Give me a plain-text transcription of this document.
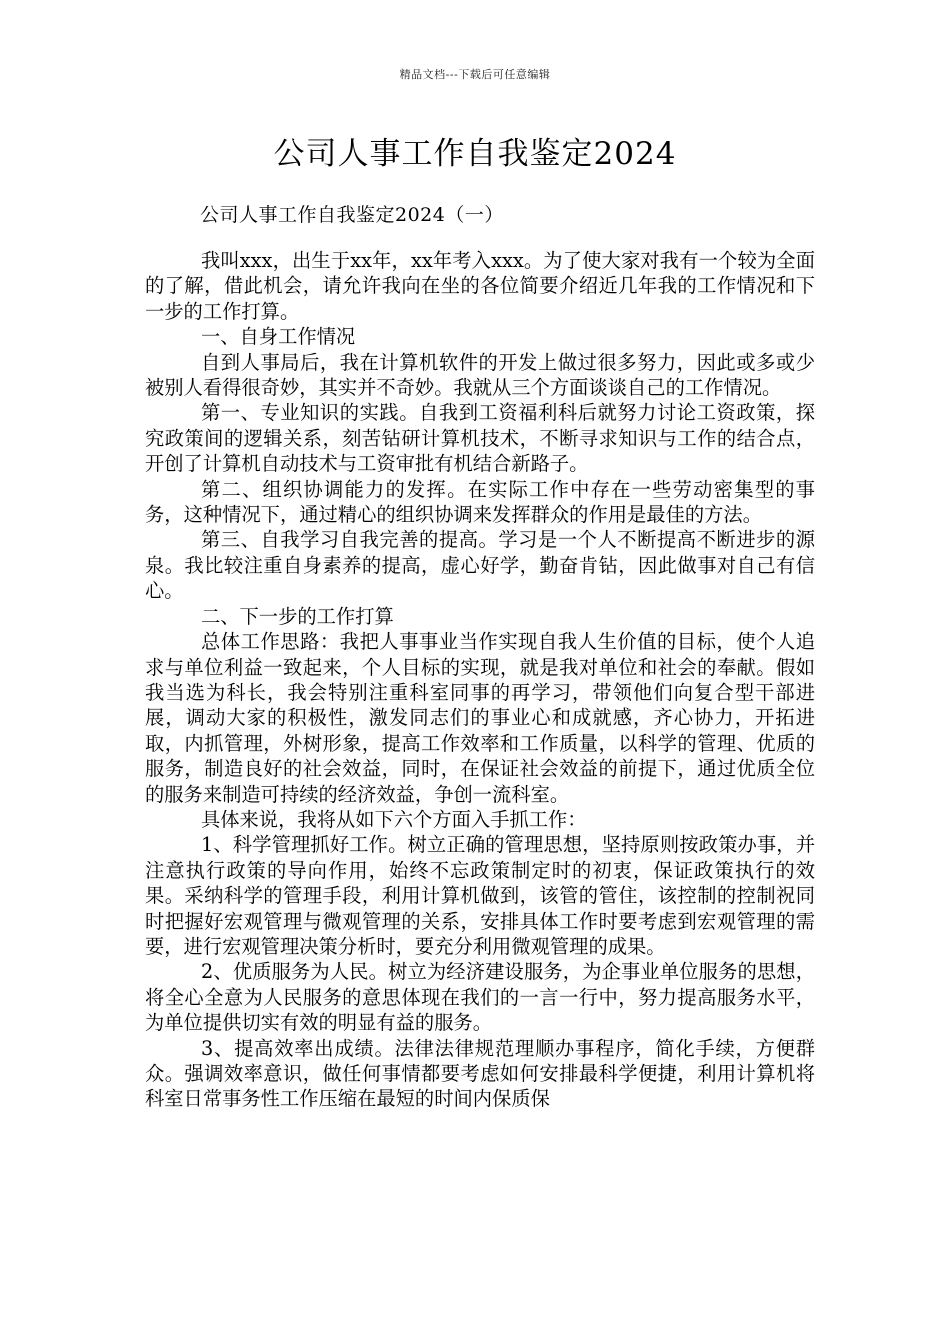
精品文档---下载后可任意编辑
公司人事工作自我鉴定2024
公司人事工作自我鉴定2024（一）

我叫xxx，出生于xx年，xx年考入xxx。为了使大家对我有一个较为全面的了解，借此机会，请允许我向在坐的各位简要介绍近几年我的工作情况和下一步的工作打算。

一、自身工作情况

自到人事局后，我在计算机软件的开发上做过很多努力，因此或多或少被别人看得很奇妙，其实并不奇妙。我就从三个方面谈谈自己的工作情况。

第一、专业知识的实践。自我到工资福利科后就努力讨论工资政策，探究政策间的逻辑关系，刻苦钻研计算机技术，不断寻求知识与工作的结合点，开创了计算机自动技术与工资审批有机结合新路子。

第二、组织协调能力的发挥。在实际工作中存在一些劳动密集型的事务，这种情况下，通过精心的组织协调来发挥群众的作用是最佳的方法。

第三、自我学习自我完善的提高。学习是一个人不断提高不断进步的源泉。我比较注重自身素养的提高，虚心好学，勤奋肯钻，因此做事对自己有信心。

二、下一步的工作打算

总体工作思路：我把人事事业当作实现自我人生价值的目标，使个人追求与单位利益一致起来，个人目标的实现，就是我对单位和社会的奉献。假如我当选为科长，我会特别注重科室同事的再学习，带领他们向复合型干部进展，调动大家的积极性，激发同志们的事业心和成就感，齐心协力，开拓进取，内抓管理，外树形象，提高工作效率和工作质量，以科学的管理、优质的服务，制造良好的社会效益，同时，在保证社会效益的前提下，通过优质全位的服务来制造可持续的经济效益，争创一流科室。

具体来说，我将从如下六个方面入手抓工作：

1、科学管理抓好工作。树立正确的管理思想，坚持原则按政策办事，并注意执行政策的导向作用，始终不忘政策制定时的初衷，保证政策执行的效果。采纳科学的管理手段，利用计算机做到，该管的管住，该控制的控制祝同时把握好宏观管理与微观管理的关系，安排具体工作时要考虑到宏观管理的需要，进行宏观管理决策分析时，要充分利用微观管理的成果。

2、优质服务为人民。树立为经济建设服务，为企事业单位服务的思想，将全心全意为人民服务的意思体现在我们的一言一行中，努力提高服务水平，为单位提供切实有效的明显有益的服务。

3、提高效率出成绩。法律法律规范理顺办事程序，简化手续，方便群众。强调效率意识，做任何事情都要考虑如何安排最科学便捷，利用计算机将科室日常事务性工作压缩在最短的时间内保质保
